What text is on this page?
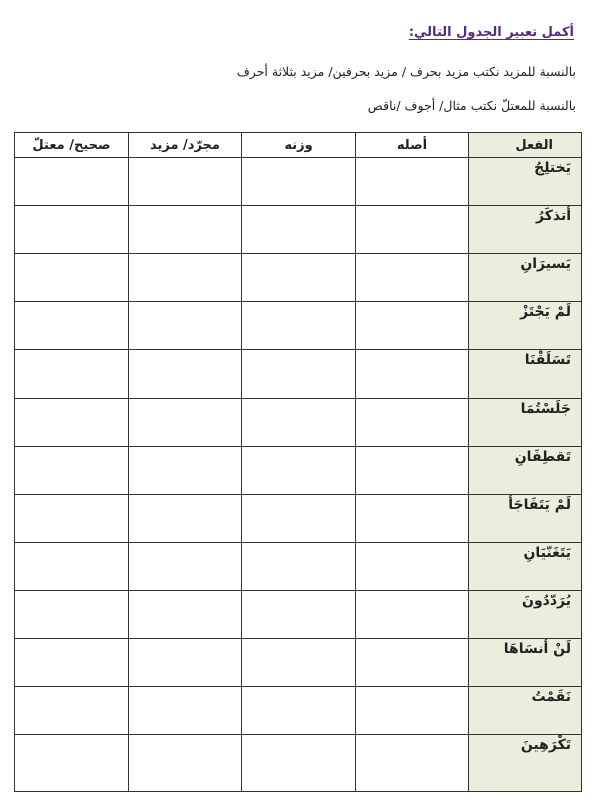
أكمل تعبير الجدول التالي:
بالنسبة للمزيد نكتب مزيد بحرف / مزيد بحرفين/ مزيد بثلاثة أحرف
بالنسبة للمعتلّ نكتب مثال/ أجوف /ناقص
الفعل	أصله	وزنه	مجرّد/ مزيد	صحيح/ معتلّ
يَختلِجُ				
أتذكَرُ				
يَسيرَانِ				
لَمْ يَجْتَزْ				
تَسَلَقْنَا				
جَلَسْتُمَا				
تَقطِفَانِ				
لَمْ يَتَفَاجَأ				
يَتَغَنّيَانِ				
يُرَدّدُونَ				
لَنْ أنسَاهَا				
نَقَمْتُ				
تَكْرَهِينَ				
